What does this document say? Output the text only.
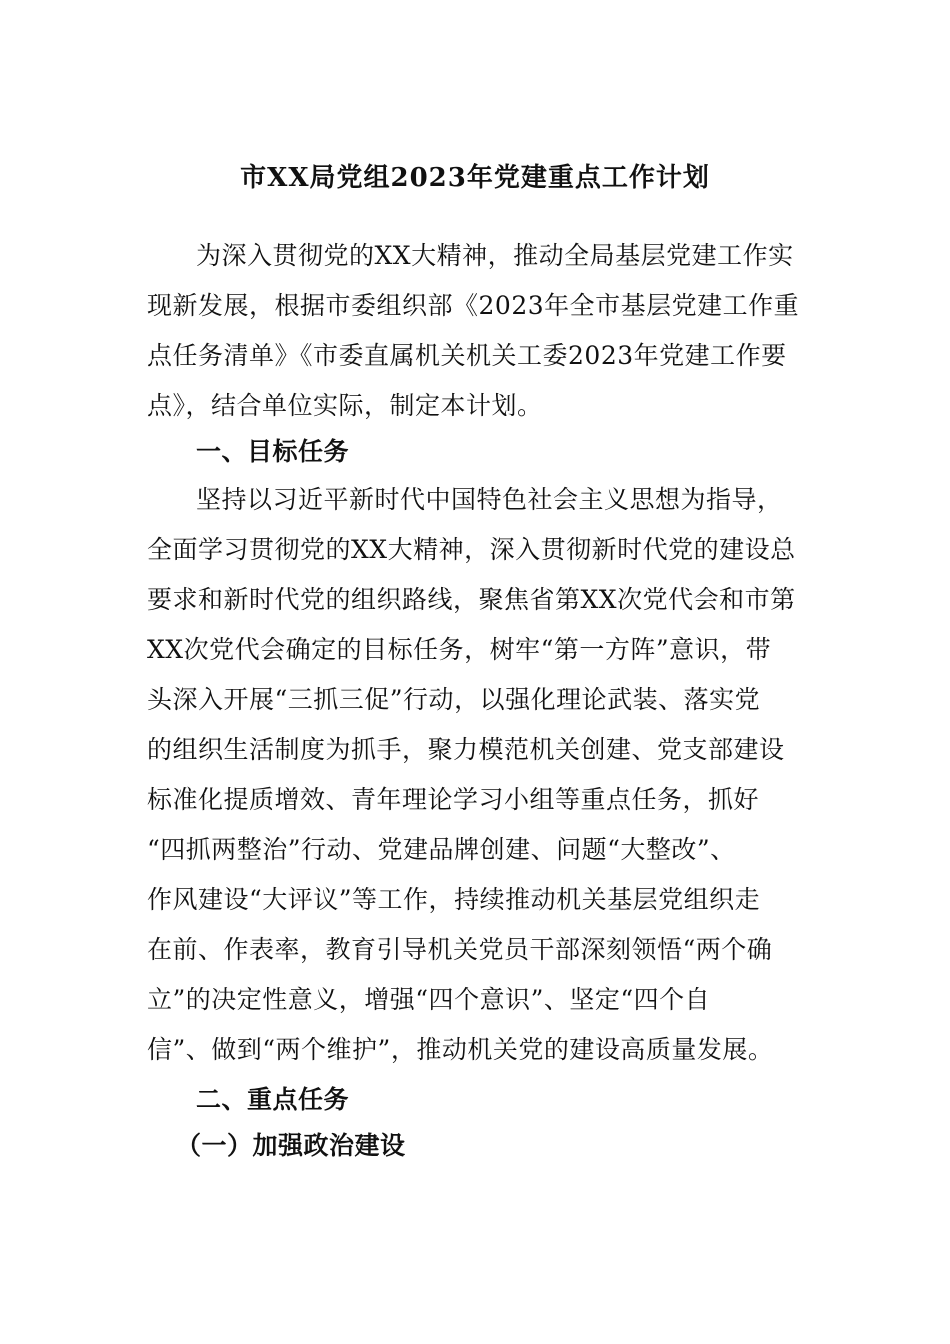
市XX局党组2023年党建重点工作计划
为深入贯彻党的XX大精神，推动全局基层党建工作实
现新发展，根据市委组织部《2023年全市基层党建工作重
点任务清单》《市委直属机关机关工委2023年党建工作要
点》，结合单位实际，制定本计划。
一、目标任务
坚持以习近平新时代中国特色社会主义思想为指导，
全面学习贯彻党的XX大精神，深入贯彻新时代党的建设总
要求和新时代党的组织路线，聚焦省第XX次党代会和市第
XX次党代会确定的目标任务，树牢“第一方阵”意识，带
头深入开展“三抓三促”行动，以强化理论武装、落实党
的组织生活制度为抓手，聚力模范机关创建、党支部建设
标准化提质增效、青年理论学习小组等重点任务，抓好
“四抓两整治”行动、党建品牌创建、问题“大整改”、
作风建设“大评议”等工作，持续推动机关基层党组织走
在前、作表率，教育引导机关党员干部深刻领悟“两个确
立”的决定性意义，增强“四个意识”、坚定“四个自
信”、做到“两个维护”，推动机关党的建设高质量发展。
二、重点任务
（一）加强政治建设
